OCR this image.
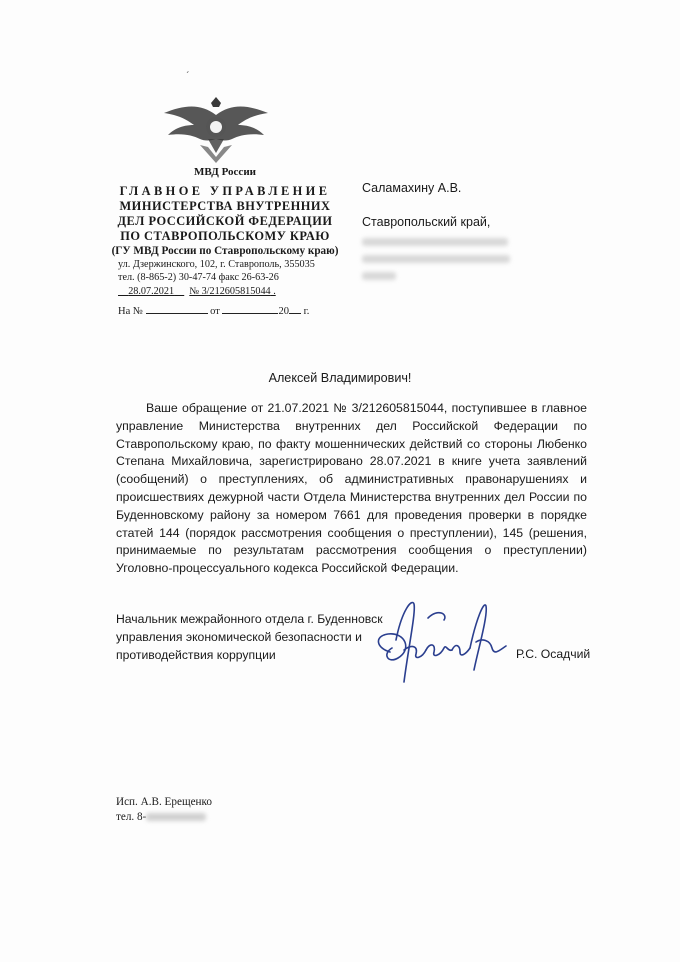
ˊ
МВД России
ГЛАВНОЕ УПРАВЛЕНИЕ
МИНИСТЕРСТВА ВНУТРЕННИХ
ДЕЛ РОССИЙСКОЙ ФЕДЕРАЦИИ
ПО СТАВРОПОЛЬСКОМУ КРАЮ
(ГУ МВД России по Ставропольскому краю)
ул. Дзержинского, 102, г. Ставрополь, 355035
тел. (8-865-2) 30-47-74 факс 26-63-26
28.07.2021 № 3/212605815044 .
На №	от	20 г.
Саламахину А.В.
Ставропольский край,
Алексей Владимирович!
Ваше обращение от 21.07.2021 № 3/212605815044, поступившее в главное управление Министерства внутренних дел Российской Федерации по Ставропольскому краю, по факту мошеннических действий со стороны Любенко Степана Михайловича, зарегистрировано 28.07.2021 в книге учета заявлений (сообщений) о преступлениях, об административных правонарушениях и происшествиях дежурной части Отдела Министерства внутренних дел России по Буденновскому району за номером 7661 для проведения проверки в порядке статей 144 (порядок рассмотрения сообщения о преступлении), 145 (решения, принимаемые по результатам рассмотрения сообщения о преступлении) Уголовно-процессуального кодекса Российской Федерации.
Начальник межрайонного отдела г. Буденновск
управления экономической безопасности и
противодействия коррупции	Р.С. Осадчий
Исп. А.В. Ерещенко
тел. 8-
